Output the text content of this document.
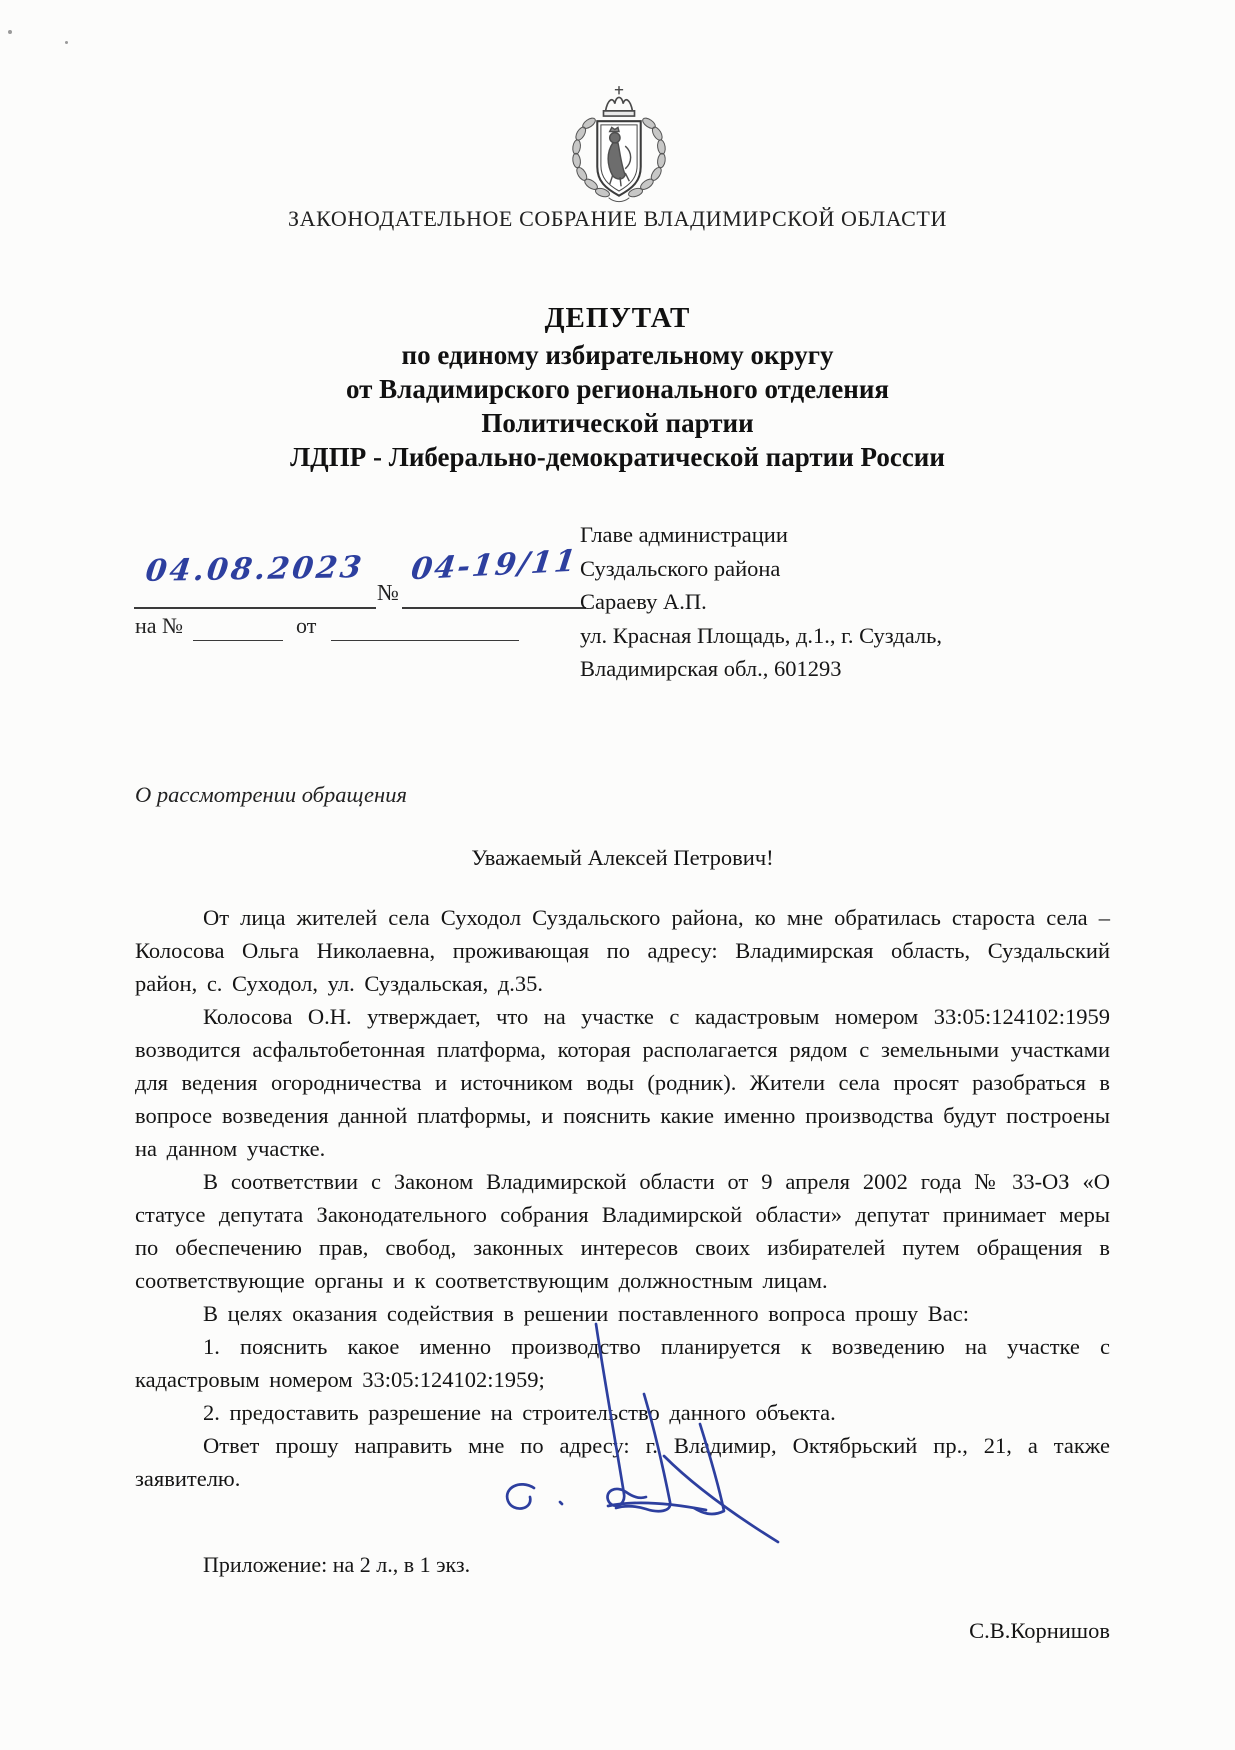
ЗАКОНОДАТЕЛЬНОЕ СОБРАНИЕ ВЛАДИМИРСКОЙ ОБЛАСТИ
ДЕПУТАТ
по единому избирательному округу
от Владимирского регионального отделения
Политической партии
ЛДПР - Либерально-демократической партии России
04.08.2023
№
04-19/11
на №	от
Главе администрации
Суздальского района
Сараеву А.П.
ул. Красная Площадь, д.1., г. Суздаль,
Владимирская обл., 601293
О рассмотрении обращения
Уважаемый Алексей Петрович!

От лица жителей села Суходол Суздальского района, ко мне обратилась староста села – Колосова Ольга Николаевна, проживающая по адресу: Владимирская область, Суздальский район, с. Суходол, ул. Суздальская, д.35.

Колосова О.Н. утверждает, что на участке с кадастровым номером 33:05:124102:1959 возводится асфальтобетонная платформа, которая располагается рядом с земельными участками для ведения огородничества и источником воды (родник). Жители села просят разобраться в вопросе возведения данной платформы, и пояснить какие именно производства будут построены на данном участке.

В соответствии с Законом Владимирской области от 9 апреля 2002 года № 33-ОЗ «О статусе депутата Законодательного собрания Владимирской области» депутат принимает меры по обеспечению прав, свобод, законных интересов своих избирателей путем обращения в соответствующие органы и к соответствующим должностным лицам.

В целях оказания содействия в решении поставленного вопроса прошу Вас:

1. пояснить какое именно производство планируется к возведению на участке с кадастровым номером 33:05:124102:1959;

2. предоставить разрешение на строительство данного объекта.

Ответ прошу направить мне по адресу: г. Владимир, Октябрьский пр., 21, а также заявителю.

Приложение: на 2 л., в 1 экз.
С.В.Корнишов
